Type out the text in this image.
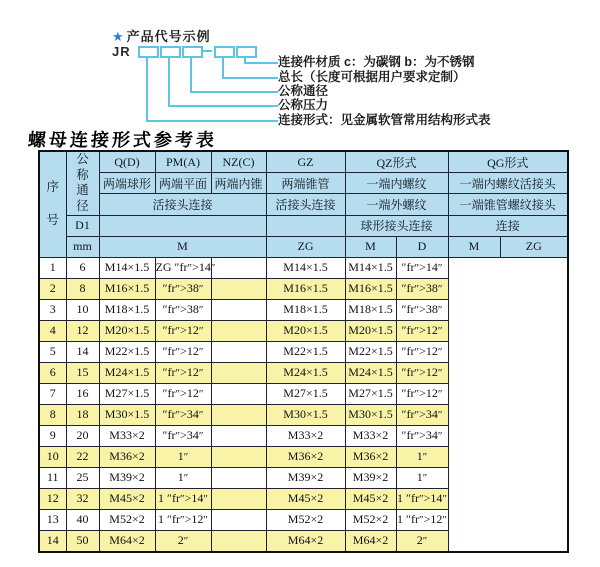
★ 产品代号示例
JR
连接件材质 c：为碳钢 b：为不锈钢
总长（长度可根据用户要求定制）
公称通径
公称压力
连接形式：见金属软管常用结构形式表
螺母连接形式参考表
序号	公称通径	Q(D)	PM(A)	NZ(C)	GZ	QZ形式		QG形式	
		两端球形	两端平面	两端内锥	两端锥管	一端内螺纹		一端内螺纹活接头	
		活接头连接			活接头连接	一端外螺纹		一端锥管螺纹接头	
	D1					球形接头连接		连接	
	mm	M			ZG	M	D	M	ZG
1	6	M14×1.5	ZG ″fr″>14″		M14×1.5	M14×1.5	″fr″>14″		
2	8	M16×1.5	″fr″>38″		M16×1.5	M16×1.5	″fr″>38″		
3	10	M18×1.5	″fr″>38″		M18×1.5	M18×1.5	″fr″>38″		
4	12	M20×1.5	″fr″>12″		M20×1.5	M20×1.5	″fr″>12″		
5	14	M22×1.5	″fr″>12″		M22×1.5	M22×1.5	″fr″>12″		
6	15	M24×1.5	″fr″>12″		M24×1.5	M24×1.5	″fr″>12″		
7	16	M27×1.5	″fr″>12″		M27×1.5	M27×1.5	″fr″>12″		
8	18	M30×1.5	″fr″>34″		M30×1.5	M30×1.5	″fr″>34″		
9	20	M33×2	″fr″>34″		M33×2	M33×2	″fr″>34″		
10	22	M36×2	1″		M36×2	M36×2	1″		
11	25	M39×2	1″		M39×2	M39×2	1″		
12	32	M45×2	1 ″fr″>14″		M45×2	M45×2	1 ″fr″>14″		
13	40	M52×2	1 ″fr″>12″		M52×2	M52×2	1 ″fr″>12″		
14	50	M64×2	2″		M64×2	M64×2	2″		
